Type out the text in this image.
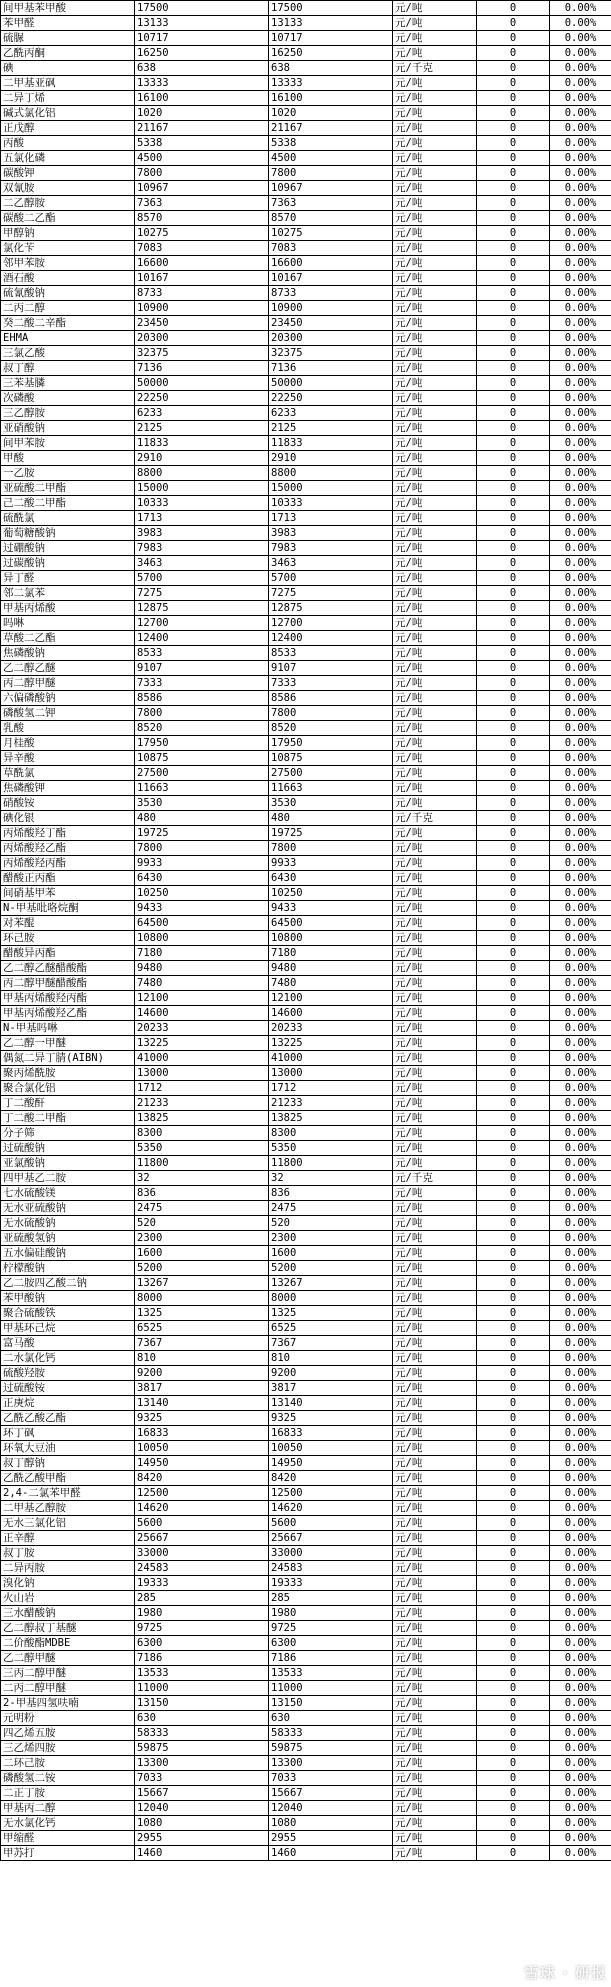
间甲基苯甲酸	17500	17500	元/吨	0	0.00%
苯甲醛	13133	13133	元/吨	0	0.00%
硫脲	10717	10717	元/吨	0	0.00%
乙酰丙酮	16250	16250	元/吨	0	0.00%
碘	638	638	元/千克	0	0.00%
二甲基亚砜	13333	13333	元/吨	0	0.00%
二异丁烯	16100	16100	元/吨	0	0.00%
碱式氯化铝	1020	1020	元/吨	0	0.00%
正戊醇	21167	21167	元/吨	0	0.00%
丙酸	5338	5338	元/吨	0	0.00%
五氯化磷	4500	4500	元/吨	0	0.00%
碳酸钾	7800	7800	元/吨	0	0.00%
双氰胺	10967	10967	元/吨	0	0.00%
二乙醇胺	7363	7363	元/吨	0	0.00%
碳酸二乙酯	8570	8570	元/吨	0	0.00%
甲醇钠	10275	10275	元/吨	0	0.00%
氯化苄	7083	7083	元/吨	0	0.00%
邻甲苯胺	16600	16600	元/吨	0	0.00%
酒石酸	10167	10167	元/吨	0	0.00%
硫氰酸钠	8733	8733	元/吨	0	0.00%
二丙二醇	10900	10900	元/吨	0	0.00%
癸二酸二辛酯	23450	23450	元/吨	0	0.00%
EHMA	20300	20300	元/吨	0	0.00%
三氯乙酸	32375	32375	元/吨	0	0.00%
叔丁醇	7136	7136	元/吨	0	0.00%
三苯基膦	50000	50000	元/吨	0	0.00%
次磷酸	22250	22250	元/吨	0	0.00%
三乙醇胺	6233	6233	元/吨	0	0.00%
亚硝酸钠	2125	2125	元/吨	0	0.00%
间甲苯胺	11833	11833	元/吨	0	0.00%
甲酸	2910	2910	元/吨	0	0.00%
一乙胺	8800	8800	元/吨	0	0.00%
亚硫酸二甲酯	15000	15000	元/吨	0	0.00%
己二酸二甲酯	10333	10333	元/吨	0	0.00%
硫酰氯	1713	1713	元/吨	0	0.00%
葡萄糖酸钠	3983	3983	元/吨	0	0.00%
过硼酸钠	7983	7983	元/吨	0	0.00%
过碳酸钠	3463	3463	元/吨	0	0.00%
异丁醛	5700	5700	元/吨	0	0.00%
邻二氯苯	7275	7275	元/吨	0	0.00%
甲基丙烯酸	12875	12875	元/吨	0	0.00%
吗啉	12700	12700	元/吨	0	0.00%
草酸二乙酯	12400	12400	元/吨	0	0.00%
焦磷酸钠	8533	8533	元/吨	0	0.00%
乙二醇乙醚	9107	9107	元/吨	0	0.00%
丙二醇甲醚	7333	7333	元/吨	0	0.00%
六偏磷酸钠	8586	8586	元/吨	0	0.00%
磷酸氢二钾	7800	7800	元/吨	0	0.00%
乳酸	8520	8520	元/吨	0	0.00%
月桂酸	17950	17950	元/吨	0	0.00%
异辛酸	10875	10875	元/吨	0	0.00%
草酰氯	27500	27500	元/吨	0	0.00%
焦磷酸钾	11663	11663	元/吨	0	0.00%
硝酸铵	3530	3530	元/吨	0	0.00%
碘化银	480	480	元/千克	0	0.00%
丙烯酸羟丁酯	19725	19725	元/吨	0	0.00%
丙烯酸羟乙酯	7800	7800	元/吨	0	0.00%
丙烯酸羟丙酯	9933	9933	元/吨	0	0.00%
醋酸正丙酯	6430	6430	元/吨	0	0.00%
间硝基甲苯	10250	10250	元/吨	0	0.00%
N-甲基吡咯烷酮	9433	9433	元/吨	0	0.00%
对苯醌	64500	64500	元/吨	0	0.00%
环己胺	10800	10800	元/吨	0	0.00%
醋酸异丙酯	7180	7180	元/吨	0	0.00%
乙二醇乙醚醋酸酯	9480	9480	元/吨	0	0.00%
丙二醇甲醚醋酸酯	7480	7480	元/吨	0	0.00%
甲基丙烯酸羟丙酯	12100	12100	元/吨	0	0.00%
甲基丙烯酸羟乙酯	14600	14600	元/吨	0	0.00%
N-甲基吗啉	20233	20233	元/吨	0	0.00%
乙二醇一甲醚	13225	13225	元/吨	0	0.00%
偶氮二异丁腈(AIBN)	41000	41000	元/吨	0	0.00%
聚丙烯酰胺	13000	13000	元/吨	0	0.00%
聚合氯化铝	1712	1712	元/吨	0	0.00%
丁二酸酐	21233	21233	元/吨	0	0.00%
丁二酸二甲酯	13825	13825	元/吨	0	0.00%
分子筛	8300	8300	元/吨	0	0.00%
过硫酸钠	5350	5350	元/吨	0	0.00%
亚氯酸钠	11800	11800	元/吨	0	0.00%
四甲基乙二胺	32	32	元/千克	0	0.00%
七水硫酸镁	836	836	元/吨	0	0.00%
无水亚硫酸钠	2475	2475	元/吨	0	0.00%
无水硫酸钠	520	520	元/吨	0	0.00%
亚硫酸氢钠	2300	2300	元/吨	0	0.00%
五水偏硅酸钠	1600	1600	元/吨	0	0.00%
柠檬酸钠	5200	5200	元/吨	0	0.00%
乙二胺四乙酸二钠	13267	13267	元/吨	0	0.00%
苯甲酸钠	8000	8000	元/吨	0	0.00%
聚合硫酸铁	1325	1325	元/吨	0	0.00%
甲基环己烷	6525	6525	元/吨	0	0.00%
富马酸	7367	7367	元/吨	0	0.00%
二水氯化钙	810	810	元/吨	0	0.00%
硫酸羟胺	9200	9200	元/吨	0	0.00%
过硫酸铵	3817	3817	元/吨	0	0.00%
正庚烷	13140	13140	元/吨	0	0.00%
乙酰乙酸乙酯	9325	9325	元/吨	0	0.00%
环丁砜	16833	16833	元/吨	0	0.00%
环氧大豆油	10050	10050	元/吨	0	0.00%
叔丁醇钠	14950	14950	元/吨	0	0.00%
乙酰乙酸甲酯	8420	8420	元/吨	0	0.00%
2,4-二氯苯甲醛	12500	12500	元/吨	0	0.00%
二甲基乙醇胺	14620	14620	元/吨	0	0.00%
无水三氯化铝	5600	5600	元/吨	0	0.00%
正辛醇	25667	25667	元/吨	0	0.00%
叔丁胺	33000	33000	元/吨	0	0.00%
二异丙胺	24583	24583	元/吨	0	0.00%
溴化钠	19333	19333	元/吨	0	0.00%
火山岩	285	285	元/吨	0	0.00%
三水醋酸钠	1980	1980	元/吨	0	0.00%
乙二醇叔丁基醚	9725	9725	元/吨	0	0.00%
二价酸酯MDBE	6300	6300	元/吨	0	0.00%
乙二醇甲醚	7186	7186	元/吨	0	0.00%
三丙二醇甲醚	13533	13533	元/吨	0	0.00%
二丙二醇甲醚	11000	11000	元/吨	0	0.00%
2-甲基四氢呋喃	13150	13150	元/吨	0	0.00%
元明粉	630	630	元/吨	0	0.00%
四乙烯五胺	58333	58333	元/吨	0	0.00%
三乙烯四胺	59875	59875	元/吨	0	0.00%
二环己胺	13300	13300	元/吨	0	0.00%
磷酸氢二铵	7033	7033	元/吨	0	0.00%
二正丁胺	15667	15667	元/吨	0	0.00%
甲基丙二醇	12040	12040	元/吨	0	0.00%
无水氯化钙	1080	1080	元/吨	0	0.00%
甲缩醛	2955	2955	元/吨	0	0.00%
甲苏打	1460	1460	元/吨	0	0.00%
雪球 · 研报
